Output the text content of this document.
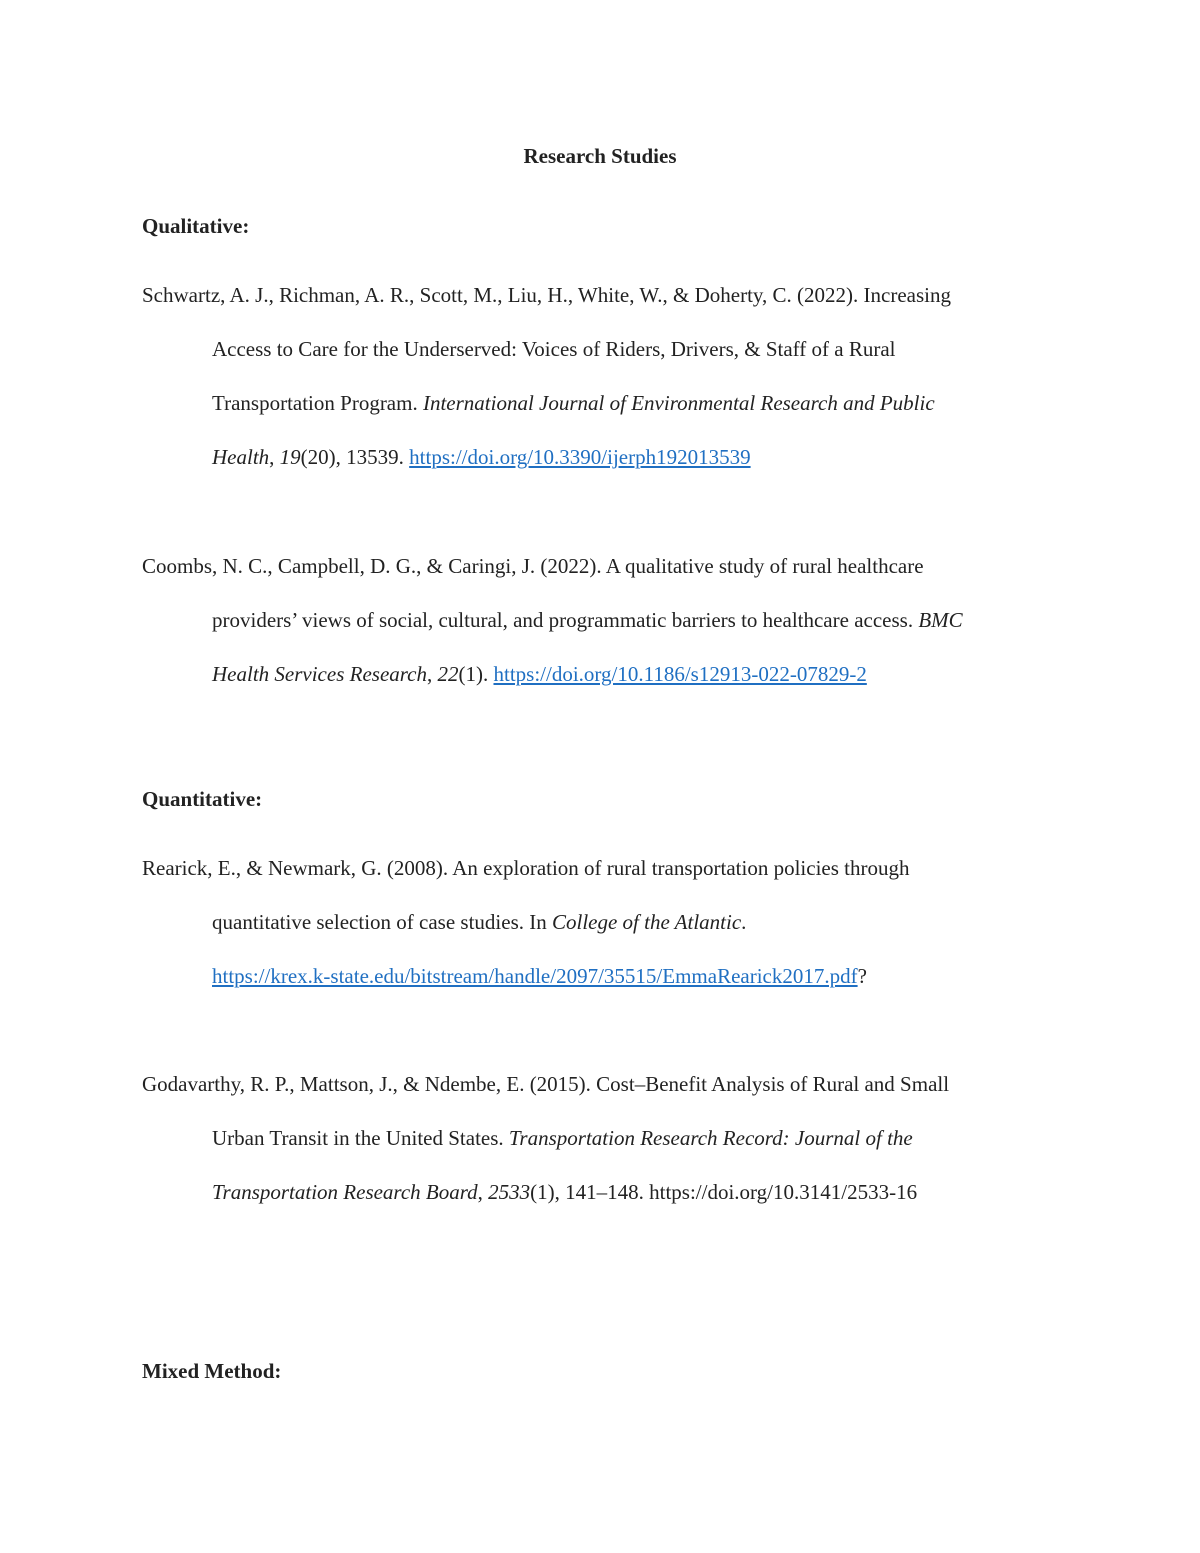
Research Studies
Qualitative:
Schwartz, A. J., Richman, A. R., Scott, M., Liu, H., White, W., & Doherty, C. (2022). Increasing
Access to Care for the Underserved: Voices of Riders, Drivers, & Staff of a Rural
Transportation Program. International Journal of Environmental Research and Public
Health, 19(20), 13539. https://doi.org/10.3390/ijerph192013539
Coombs, N. C., Campbell, D. G., & Caringi, J. (2022). A qualitative study of rural healthcare
providers’ views of social, cultural, and programmatic barriers to healthcare access. BMC
Health Services Research, 22(1). https://doi.org/10.1186/s12913-022-07829-2
Quantitative:
Rearick, E., & Newmark, G. (2008). An exploration of rural transportation policies through
quantitative selection of case studies. In College of the Atlantic.
https://krex.k-state.edu/bitstream/handle/2097/35515/EmmaRearick2017.pdf?
Godavarthy, R. P., Mattson, J., & Ndembe, E. (2015). Cost–Benefit Analysis of Rural and Small
Urban Transit in the United States. Transportation Research Record: Journal of the
Transportation Research Board, 2533(1), 141–148. https://doi.org/10.3141/2533-16
Mixed Method:
